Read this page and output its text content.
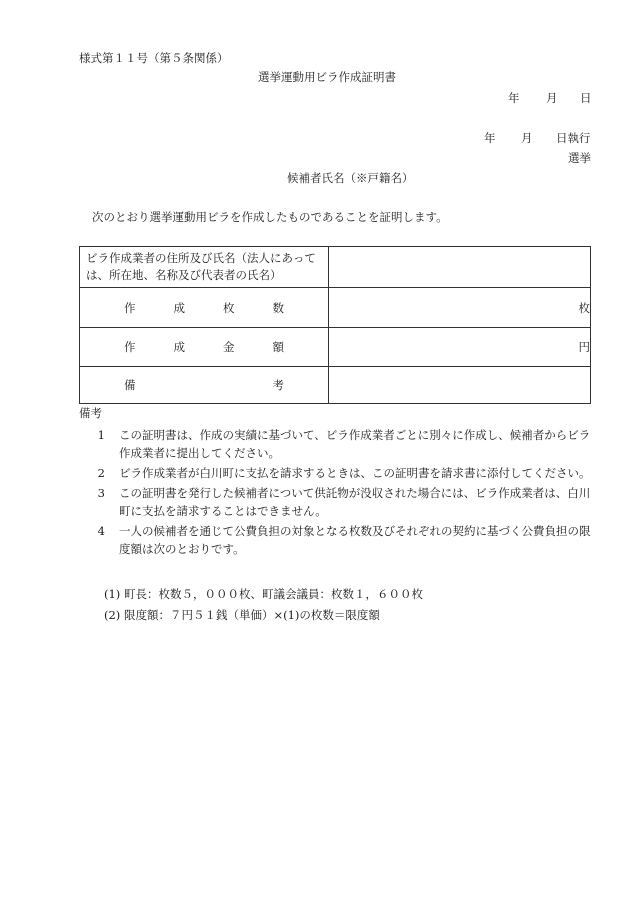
様式第１１号（第５条関係）
選挙運動用ビラ作成証明書
年 月 日
年 月 日執行
選挙
候補者氏名（※戸籍名）
次のとおり選挙運動用ビラを作成したものであることを証明します。
ビラ作成業者の住所及び氏名（法人にあっては、所在地、名称及び代表者の氏名）	

作 成 枚 数	枚

作 成 金 額	円

備 考	

備考
1	この証明書は、作成の実績に基づいて、ビラ作成業者ごとに別々に作成し、候補者からビラ作成業者に提出してください。
2	ビラ作成業者が白川町に支払を請求するときは、この証明書を請求書に添付してください。
3	この証明書を発行した候補者について供託物が没収された場合には、ビラ作成業者は、白川町に支払を請求することはできません。
4	一人の候補者を通じて公費負担の対象となる枚数及びそれぞれの契約に基づく公費負担の限度額は次のとおりです。
(1) 町長：枚数５，０００枚、町議会議員：枚数１，６００枚
(2) 限度額：７円５１銭（単価）×(1)の枚数＝限度額
